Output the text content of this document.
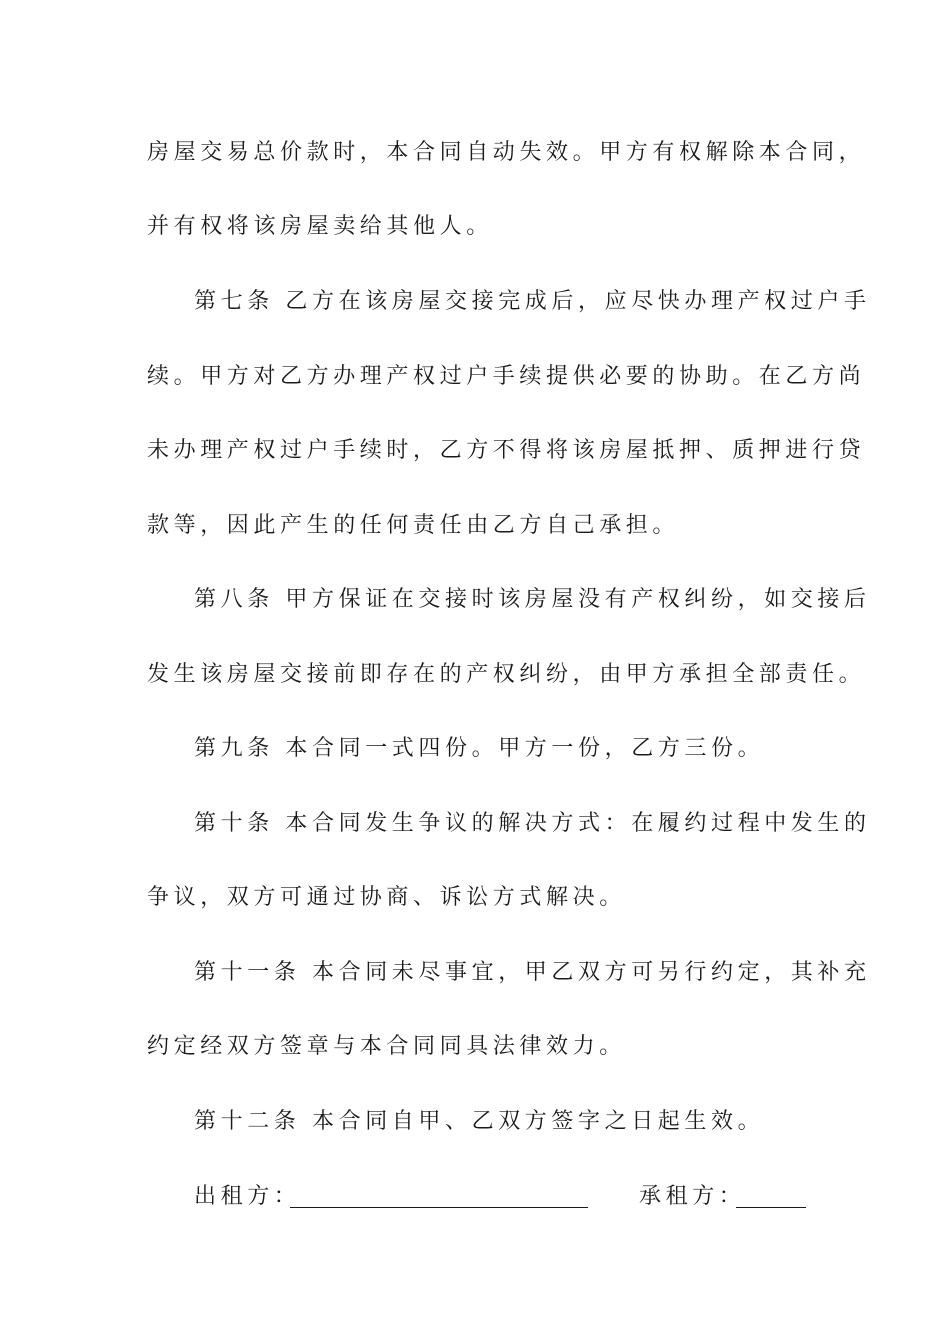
房屋交易总价款时，本合同自动失效。甲方有权解除本合同，
并有权将该房屋卖给其他人。
第七条 乙方在该房屋交接完成后，应尽快办理产权过户手
续。甲方对乙方办理产权过户手续提供必要的协助。在乙方尚
未办理产权过户手续时，乙方不得将该房屋抵押、质押进行贷
款等，因此产生的任何责任由乙方自己承担。
第八条 甲方保证在交接时该房屋没有产权纠纷，如交接后
发生该房屋交接前即存在的产权纠纷，由甲方承担全部责任。
第九条 本合同一式四份。甲方一份，乙方三份。
第十条 本合同发生争议的解决方式：在履约过程中发生的
争议，双方可通过协商、诉讼方式解决。
第十一条 本合同未尽事宜，甲乙双方可另行约定，其补充
约定经双方签章与本合同同具法律效力。
第十二条 本合同自甲、乙双方签字之日起生效。
出租方：	承租方：
